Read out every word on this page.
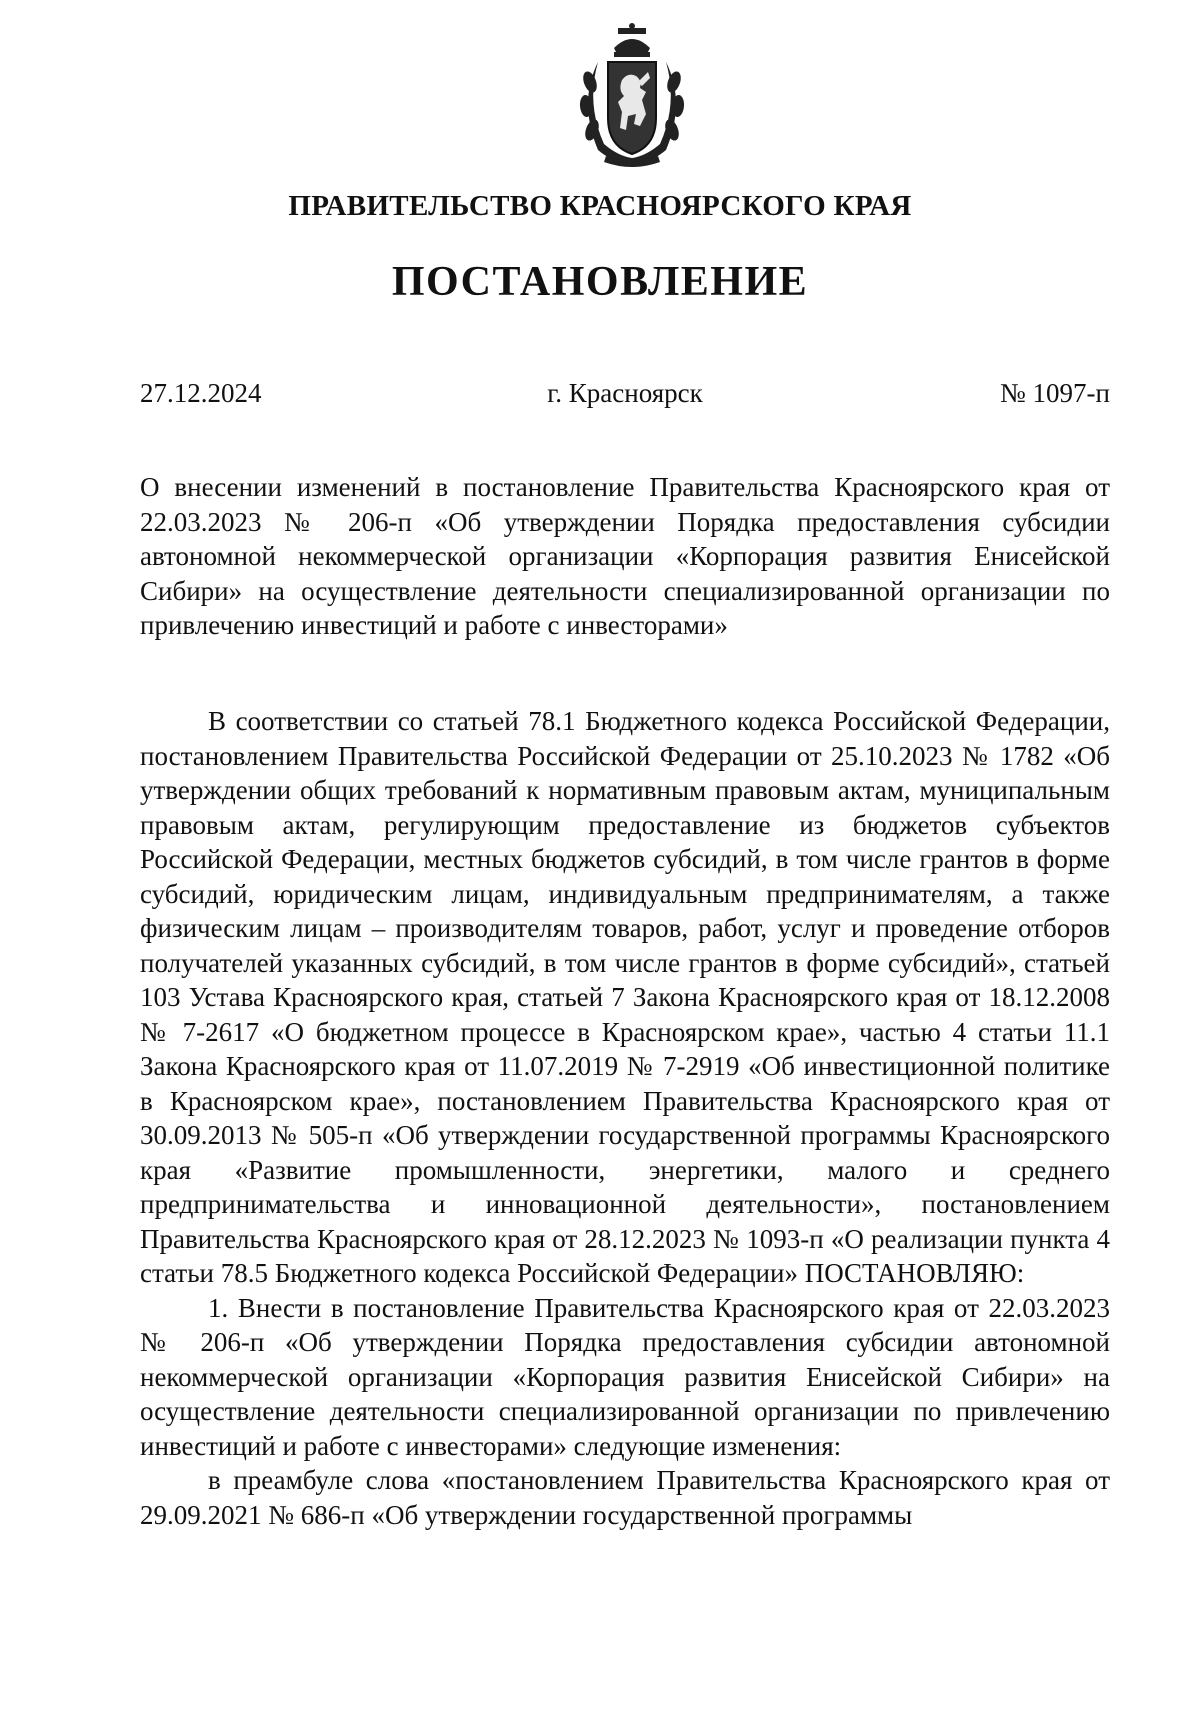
ПРАВИТЕЛЬСТВО КРАСНОЯРСКОГО КРАЯ
ПОСТАНОВЛЕНИЕ
27.12.2024	г. Красноярск	№ 1097-п
О внесении изменений в постановление Правительства Красноярского края от 22.03.2023 № 206-п «Об утверждении Порядка предоставления субсидии автономной некоммерческой организации «Корпорация развития Енисейской Сибири» на осуществление деятельности специализированной организации по привлечению инвестиций и работе с инвесторами»

В соответствии со статьей 78.1 Бюджетного кодекса Российской Федерации, постановлением Правительства Российской Федерации от 25.10.2023 № 1782 «Об утверждении общих требований к нормативным правовым актам, муниципальным правовым актам, регулирующим предоставление из бюджетов субъектов Российской Федерации, местных бюджетов субсидий, в том числе грантов в форме субсидий, юридическим лицам, индивидуальным предпринимателям, а также физическим лицам – производителям товаров, работ, услуг и проведение отборов получателей указанных субсидий, в том числе грантов в форме субсидий», статьей 103 Устава Красноярского края, статьей 7 Закона Красноярского края от 18.12.2008 № 7-2617 «О бюджетном процессе в Красноярском крае», частью 4 статьи 11.1 Закона Красноярского края от 11.07.2019 № 7-2919 «Об инвестиционной политике в Красноярском крае», постановлением Правительства Красноярского края от 30.09.2013 № 505-п «Об утверждении государственной программы Красноярского края «Развитие промышленности, энергетики, малого и среднего предпринимательства и инновационной деятельности», постановлением Правительства Красноярского края от 28.12.2023 № 1093-п «О реализации пункта 4 статьи 78.5 Бюджетного кодекса Российской Федерации» ПОСТАНОВЛЯЮ:

1. Внести в постановление Правительства Красноярского края от 22.03.2023 № 206-п «Об утверждении Порядка предоставления субсидии автономной некоммерческой организации «Корпорация развития Енисейской Сибири» на осуществление деятельности специализированной организации по привлечению инвестиций и работе с инвесторами» следующие изменения:

в преамбуле слова «постановлением Правительства Красноярского края от 29.09.2021 № 686-п «Об утверждении государственной программы
